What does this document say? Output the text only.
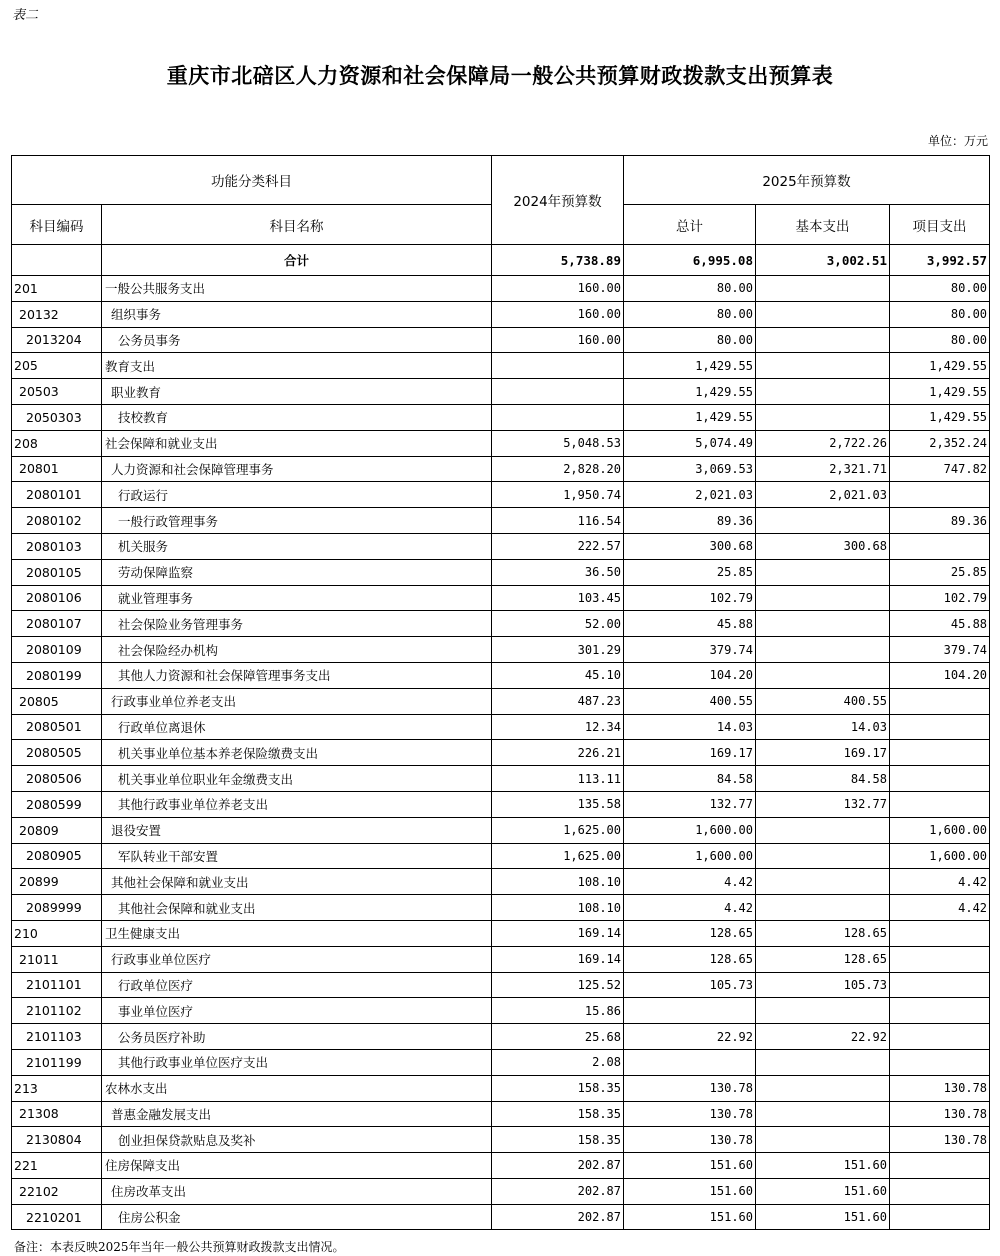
表二
重庆市北碚区人力资源和社会保障局一般公共预算财政拨款支出预算表
单位：万元
功能分类科目		2024年预算数	2025年预算数		
科目编码	科目名称		总计	基本支出	项目支出
	合计	5,738.89	6,995.08	3,002.51	3,992.57
201	一般公共服务支出	160.00	80.00		80.00
20132	组织事务	160.00	80.00		80.00
2013204	公务员事务	160.00	80.00		80.00
205	教育支出		1,429.55		1,429.55
20503	职业教育		1,429.55		1,429.55
2050303	技校教育		1,429.55		1,429.55
208	社会保障和就业支出	5,048.53	5,074.49	2,722.26	2,352.24
20801	人力资源和社会保障管理事务	2,828.20	3,069.53	2,321.71	747.82
2080101	行政运行	1,950.74	2,021.03	2,021.03	
2080102	一般行政管理事务	116.54	89.36		89.36
2080103	机关服务	222.57	300.68	300.68	
2080105	劳动保障监察	36.50	25.85		25.85
2080106	就业管理事务	103.45	102.79		102.79
2080107	社会保险业务管理事务	52.00	45.88		45.88
2080109	社会保险经办机构	301.29	379.74		379.74
2080199	其他人力资源和社会保障管理事务支出	45.10	104.20		104.20
20805	行政事业单位养老支出	487.23	400.55	400.55	
2080501	行政单位离退休	12.34	14.03	14.03	
2080505	机关事业单位基本养老保险缴费支出	226.21	169.17	169.17	
2080506	机关事业单位职业年金缴费支出	113.11	84.58	84.58	
2080599	其他行政事业单位养老支出	135.58	132.77	132.77	
20809	退役安置	1,625.00	1,600.00		1,600.00
2080905	军队转业干部安置	1,625.00	1,600.00		1,600.00
20899	其他社会保障和就业支出	108.10	4.42		4.42
2089999	其他社会保障和就业支出	108.10	4.42		4.42
210	卫生健康支出	169.14	128.65	128.65	
21011	行政事业单位医疗	169.14	128.65	128.65	
2101101	行政单位医疗	125.52	105.73	105.73	
2101102	事业单位医疗	15.86			
2101103	公务员医疗补助	25.68	22.92	22.92	
2101199	其他行政事业单位医疗支出	2.08			
213	农林水支出	158.35	130.78		130.78
21308	普惠金融发展支出	158.35	130.78		130.78
2130804	创业担保贷款贴息及奖补	158.35	130.78		130.78
221	住房保障支出	202.87	151.60	151.60	
22102	住房改革支出	202.87	151.60	151.60	
2210201	住房公积金	202.87	151.60	151.60	
备注：本表反映2025年当年一般公共预算财政拨款支出情况。
